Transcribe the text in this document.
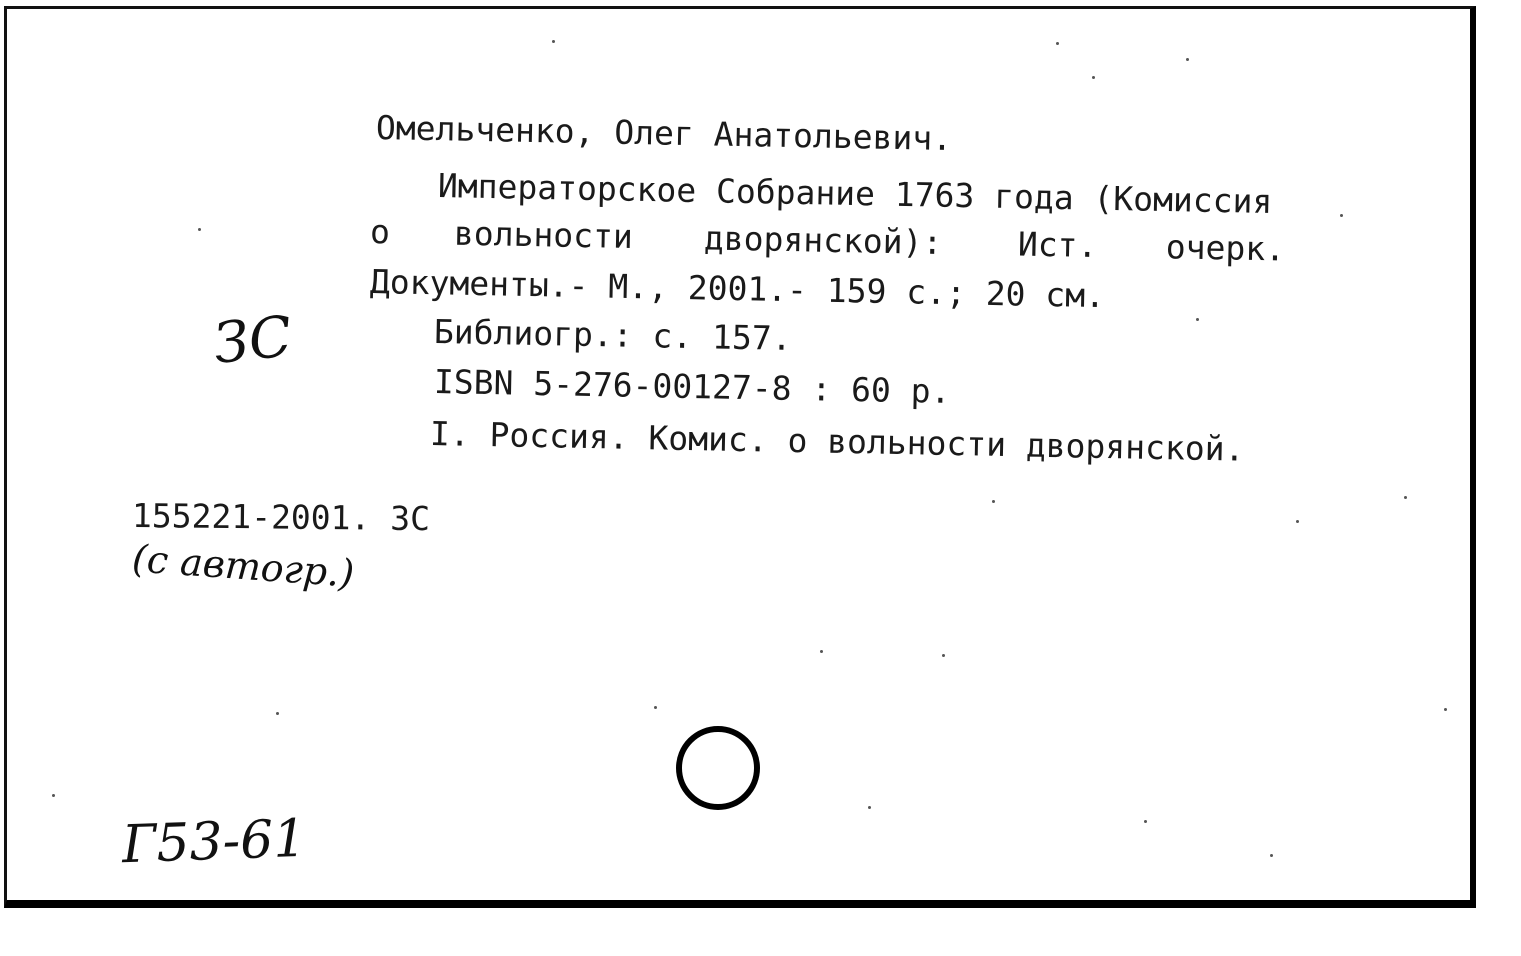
Омельченко, Олег Анатольевич.
Императорское Собрание 1763 года (Комиссия
о вольности дворянской): Ист. очерк.
Документы.- М., 2001.- 159 с.; 20 см.
Библиогр.: с. 157.
ISBN 5-276-00127-8 : 60 р.
I. Россия. Комис. о вольности дворянской.
155221-2001. ЗС
ЗС
(с автогр.)
Г53-61
